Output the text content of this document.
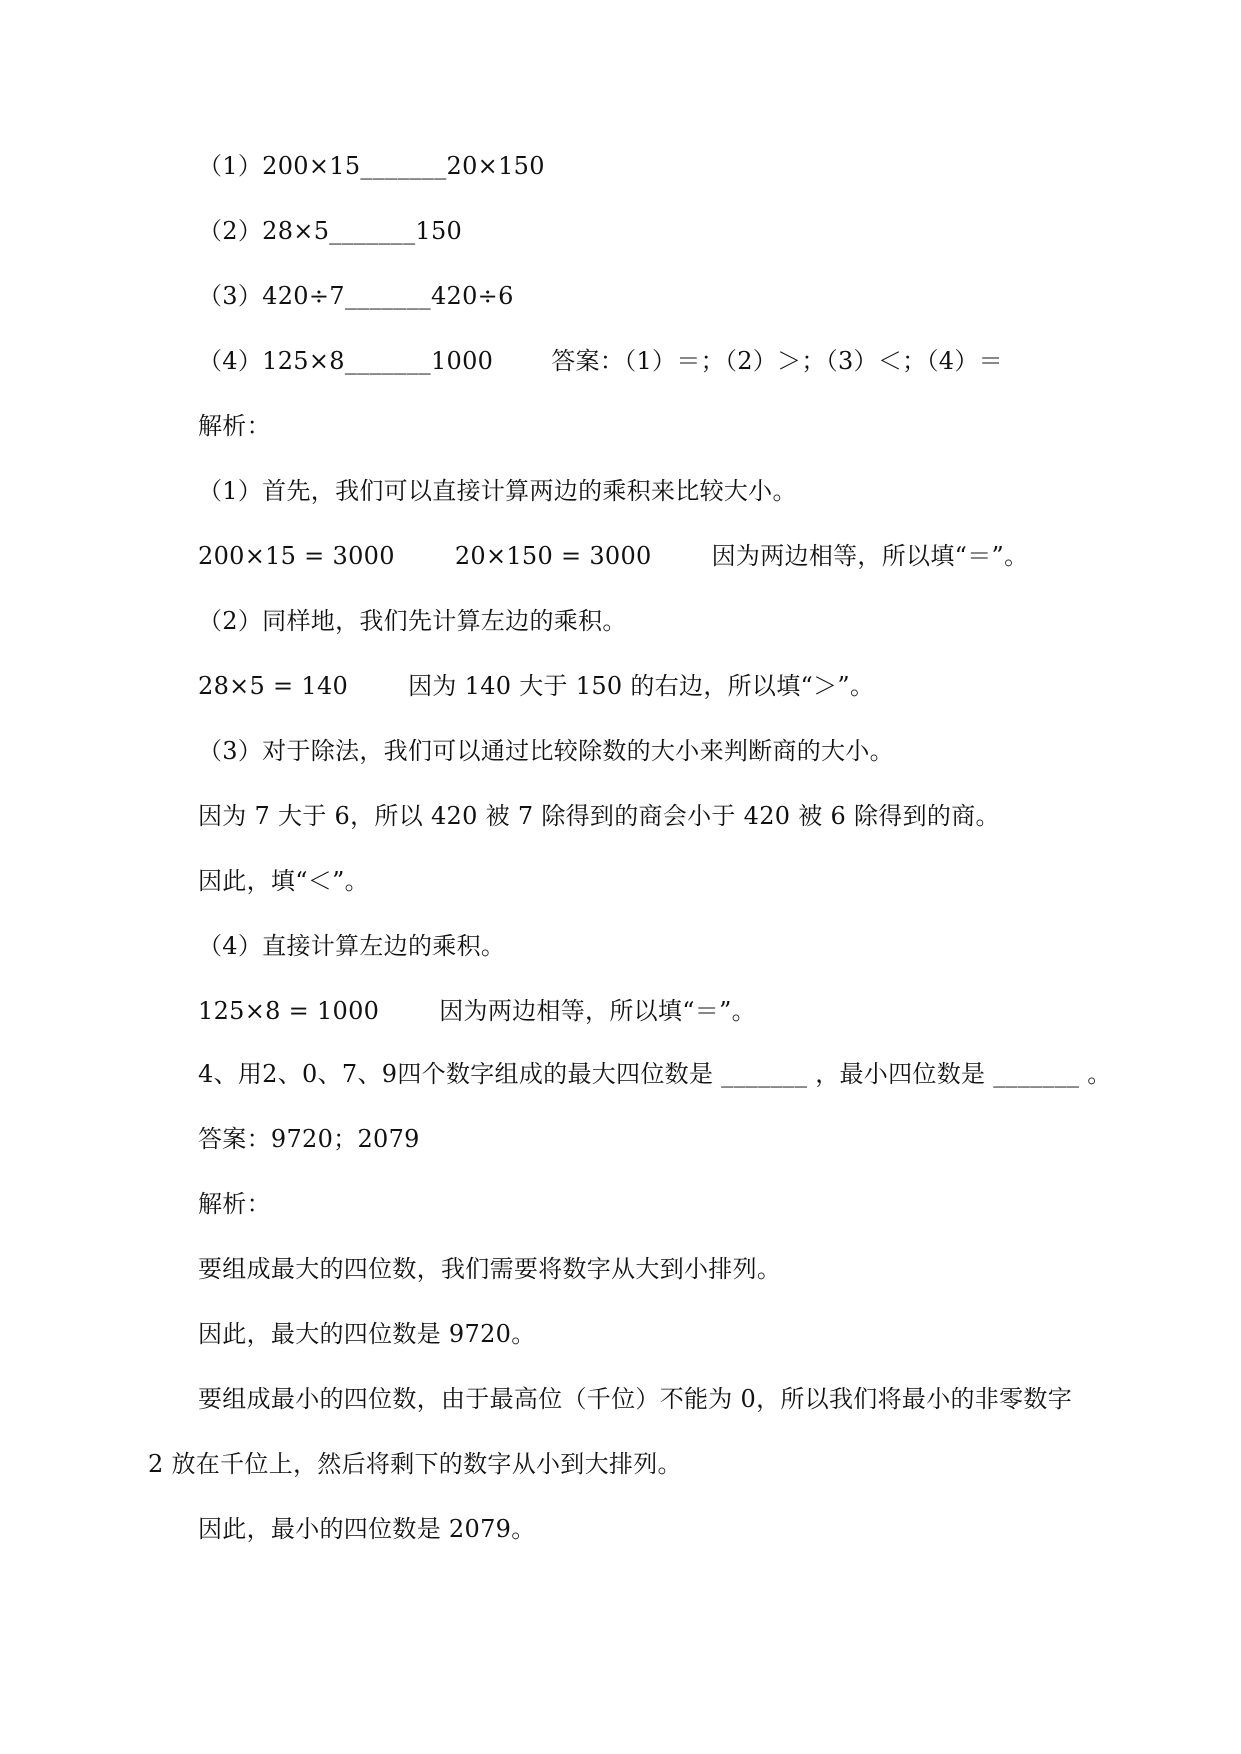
（1）200×15_______20×150
（2）28×5_______150
（3）420÷7_______420÷6
（4）125×8_______1000 答案：（1）＝；（2）＞；（3）＜；（4）＝
解析：
（1）首先，我们可以直接计算两边的乘积来比较大小。
200×15 = 3000	20×150 = 3000	因为两边相等，所以填“＝”。
（2）同样地，我们先计算左边的乘积。
28×5 = 140	因为 140 大于 150 的右边，所以填“＞”。
（3）对于除法，我们可以通过比较除数的大小来判断商的大小。
因为 7 大于 6，所以 420 被 7 除得到的商会小于 420 被 6 除得到的商。
因此，填“＜”。
（4）直接计算左边的乘积。
125×8 = 1000	因为两边相等，所以填“＝”。
4、用2、0、7、9四个数字组成的最大四位数是 _______ ，最小四位数是 _______ 。
答案：9720；2079
解析：
要组成最大的四位数，我们需要将数字从大到小排列。
因此，最大的四位数是 9720。
要组成最小的四位数，由于最高位（千位）不能为 0，所以我们将最小的非零数字
2 放在千位上，然后将剩下的数字从小到大排列。
因此，最小的四位数是 2079。
